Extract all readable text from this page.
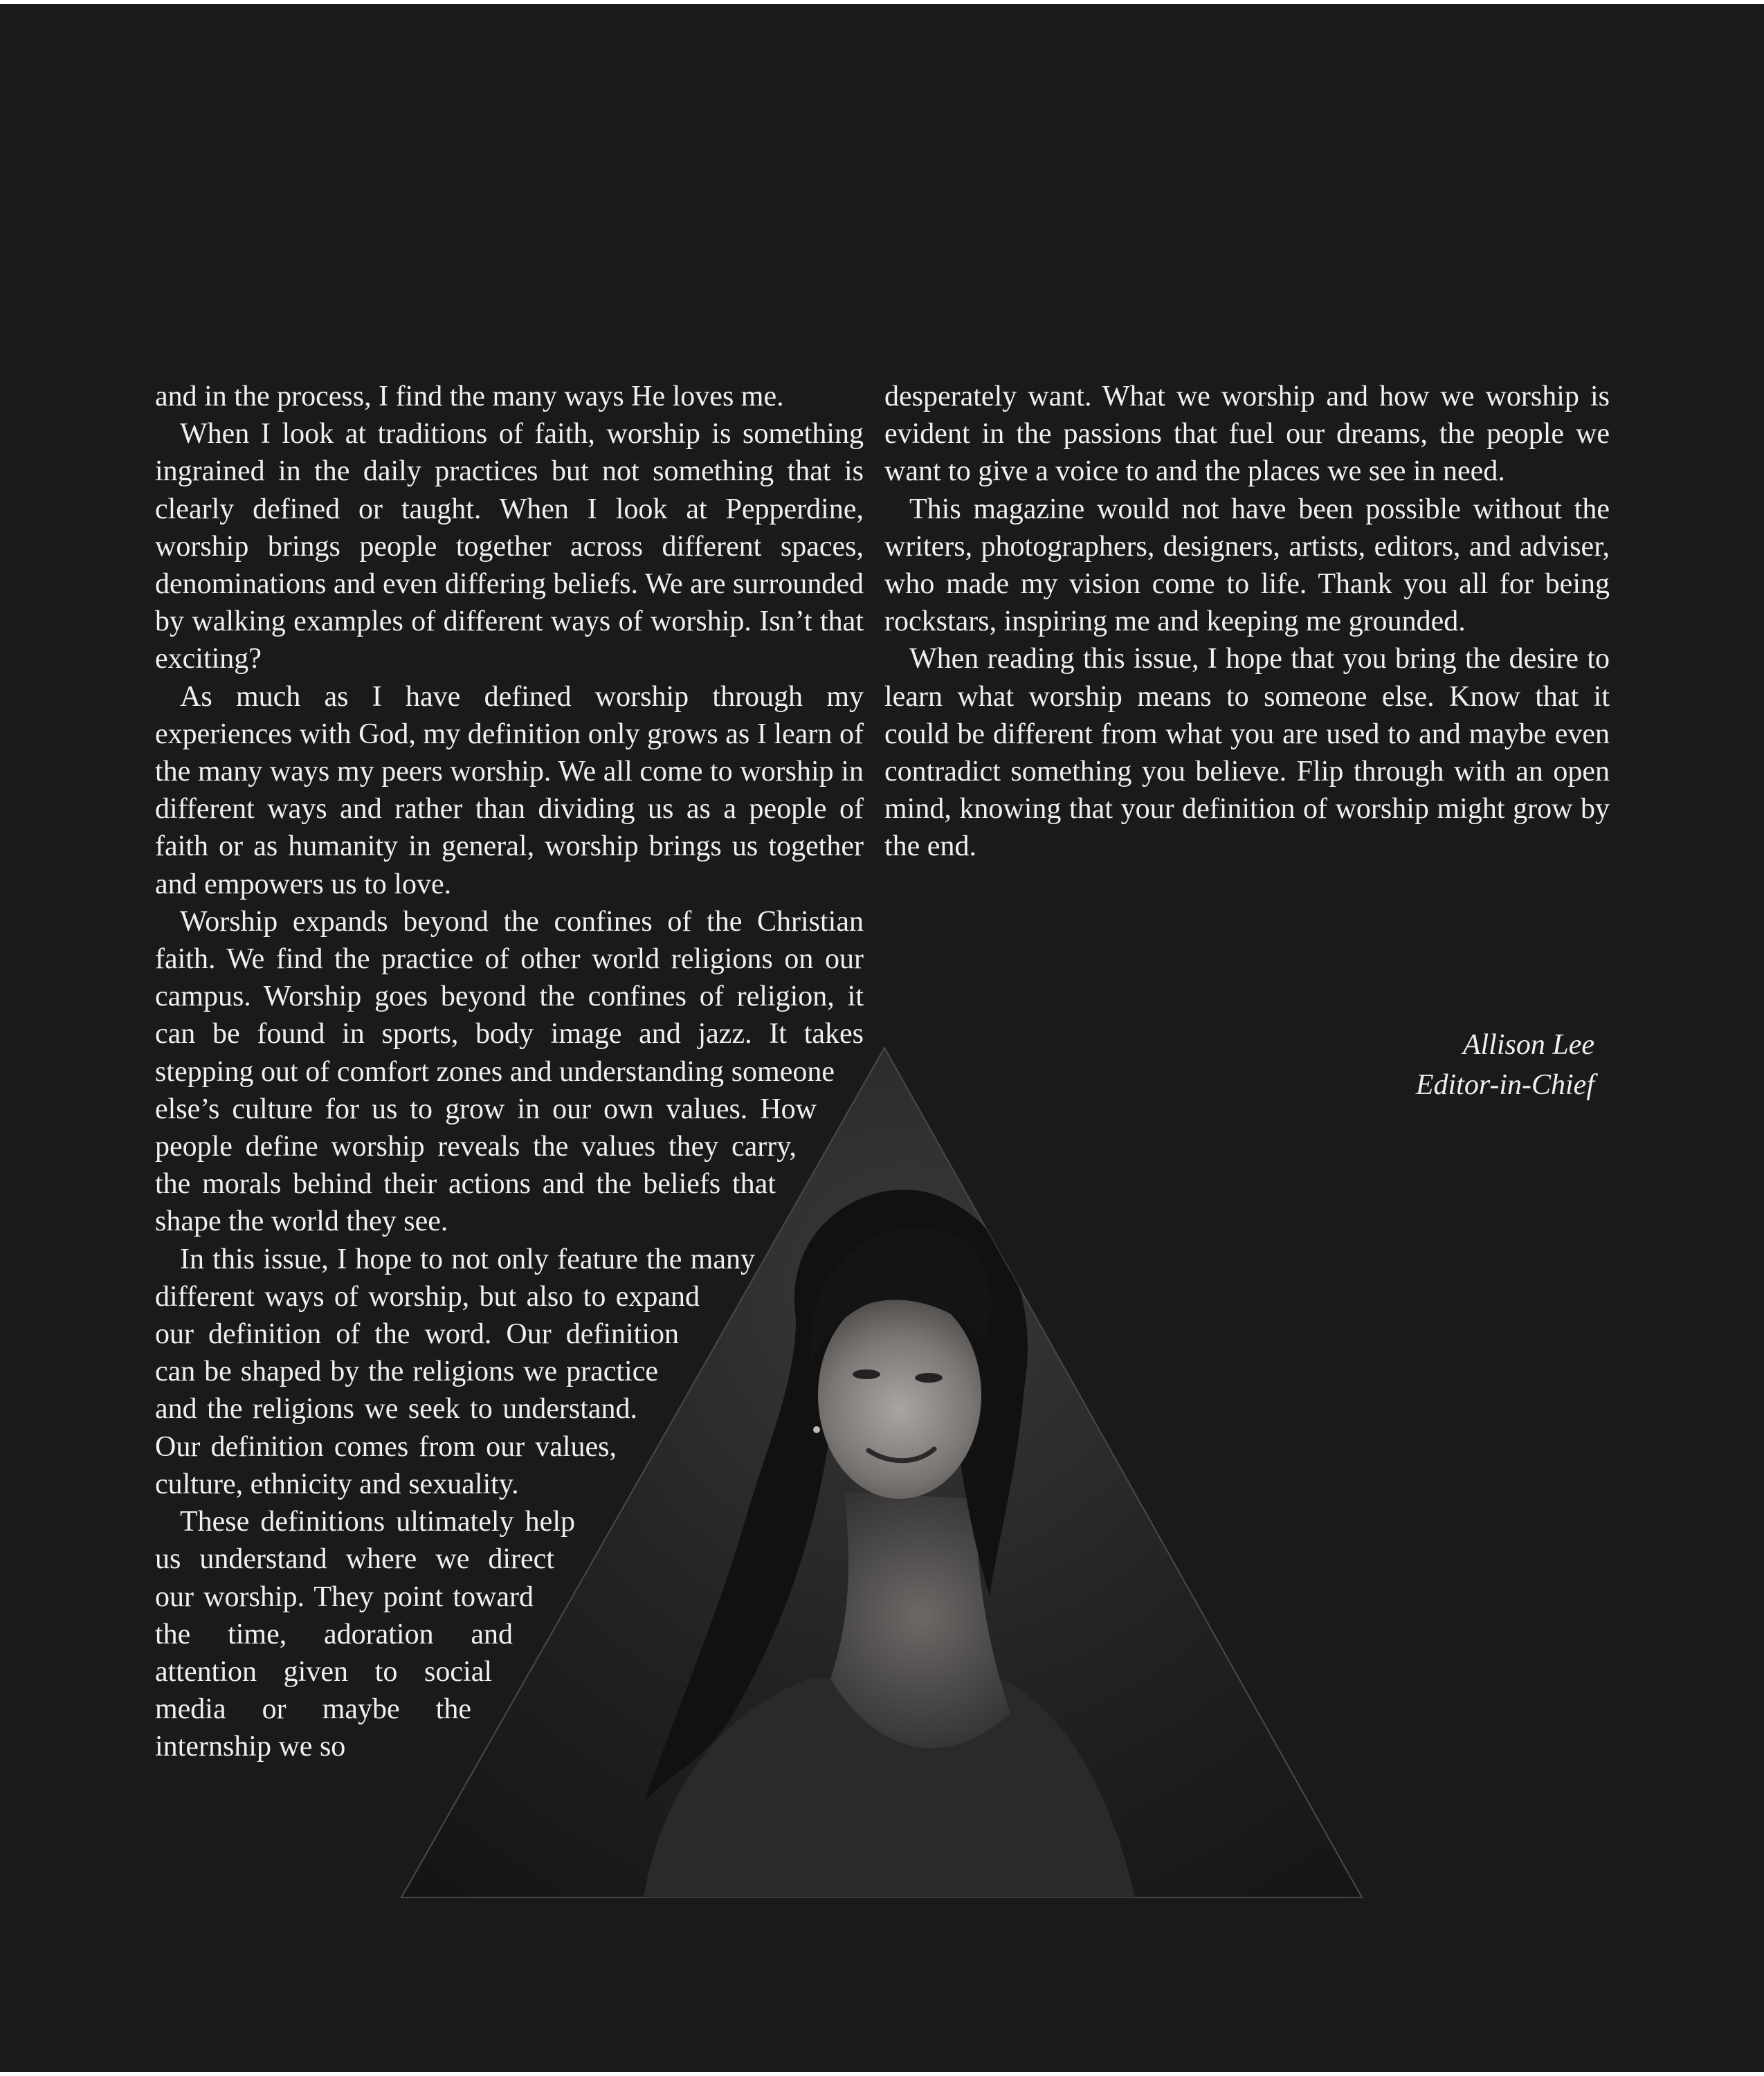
and in the process, I find the many ways He loves me.

When I look at traditions of faith, worship is something ingrained in the daily practices but not something that is clearly defined or taught. When I look at Pepperdine, worship brings people together across different spaces, denominations and even differing beliefs. We are surrounded by walking examples of different ways of worship. Isn’t that exciting?

As much as I have defined worship through my experiences with God, my definition only grows as I learn of the many ways my peers worship. We all come to worship in different ways and rather than dividing us as a people of faith or as humanity in general, worship brings us together and empowers us to love.

Worship expands beyond the confines of the Christian faith. We find the practice of other world religions on our campus. Worship goes beyond the confines of religion, it can be found in sports, body image and jazz. It takes stepping out of comfort zones and understanding someone else’s culture for us to grow in our own values. How people define worship reveals the values they carry, the morals behind their actions and the beliefs that shape the world they see.

In this issue, I hope to not only feature the many different ways of worship, but also to expand our definition of the word. Our definition can be shaped by the religions we practice and the religions we seek to understand. Our definition comes from our values, culture, ethnicity and sexuality.

These definitions ultimately help us understand where we direct our worship. They point toward the time, adoration and attention given to social media or maybe the internship we so

desperately want. What we worship and how we worship is evident in the passions that fuel our dreams, the people we want to give a voice to and the places we see in need.

This magazine would not have been possible without the writers, photographers, designers, artists, editors, and adviser, who made my vision come to life. Thank you all for being rockstars, inspiring me and keeping me grounded.

When reading this issue, I hope that you bring the desire to learn what worship means to someone else. Know that it could be different from what you are used to and maybe even contradict something you believe. Flip through with an open mind, knowing that your definition of worship might grow by the end.

Allison Lee
Editor-in-Chief
